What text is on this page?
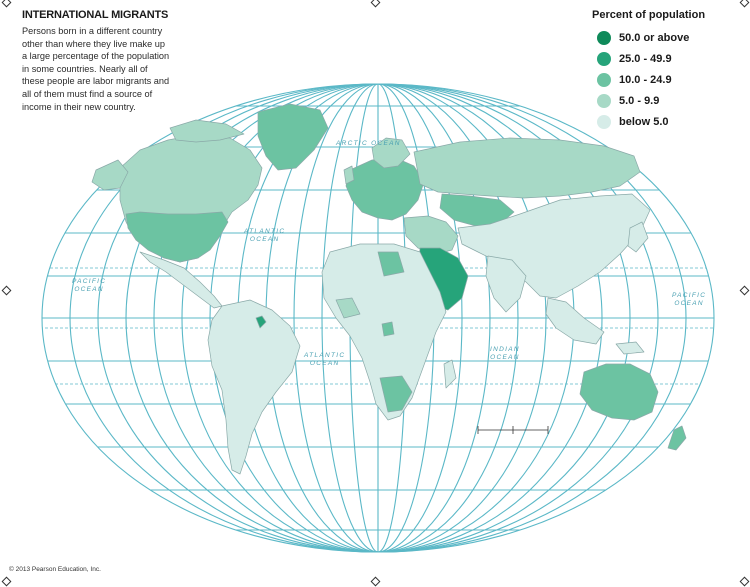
INTERNATIONAL MIGRANTS
Persons born in a different country other than where they live make up a large percentage of the population in some countries. Nearly all of these people are labor migrants and all of them must find a source of income in their new country.
Percent of population
50.0 or above
25.0 - 49.9
10.0 - 24.9
5.0 - 9.9
below 5.0
ARCTIC OCEAN
ATLANTIC
OCEAN
ATLANTIC
OCEAN
PACIFIC
OCEAN
PACIFIC
OCEAN
INDIAN
OCEAN
© 2013 Pearson Education, Inc.
